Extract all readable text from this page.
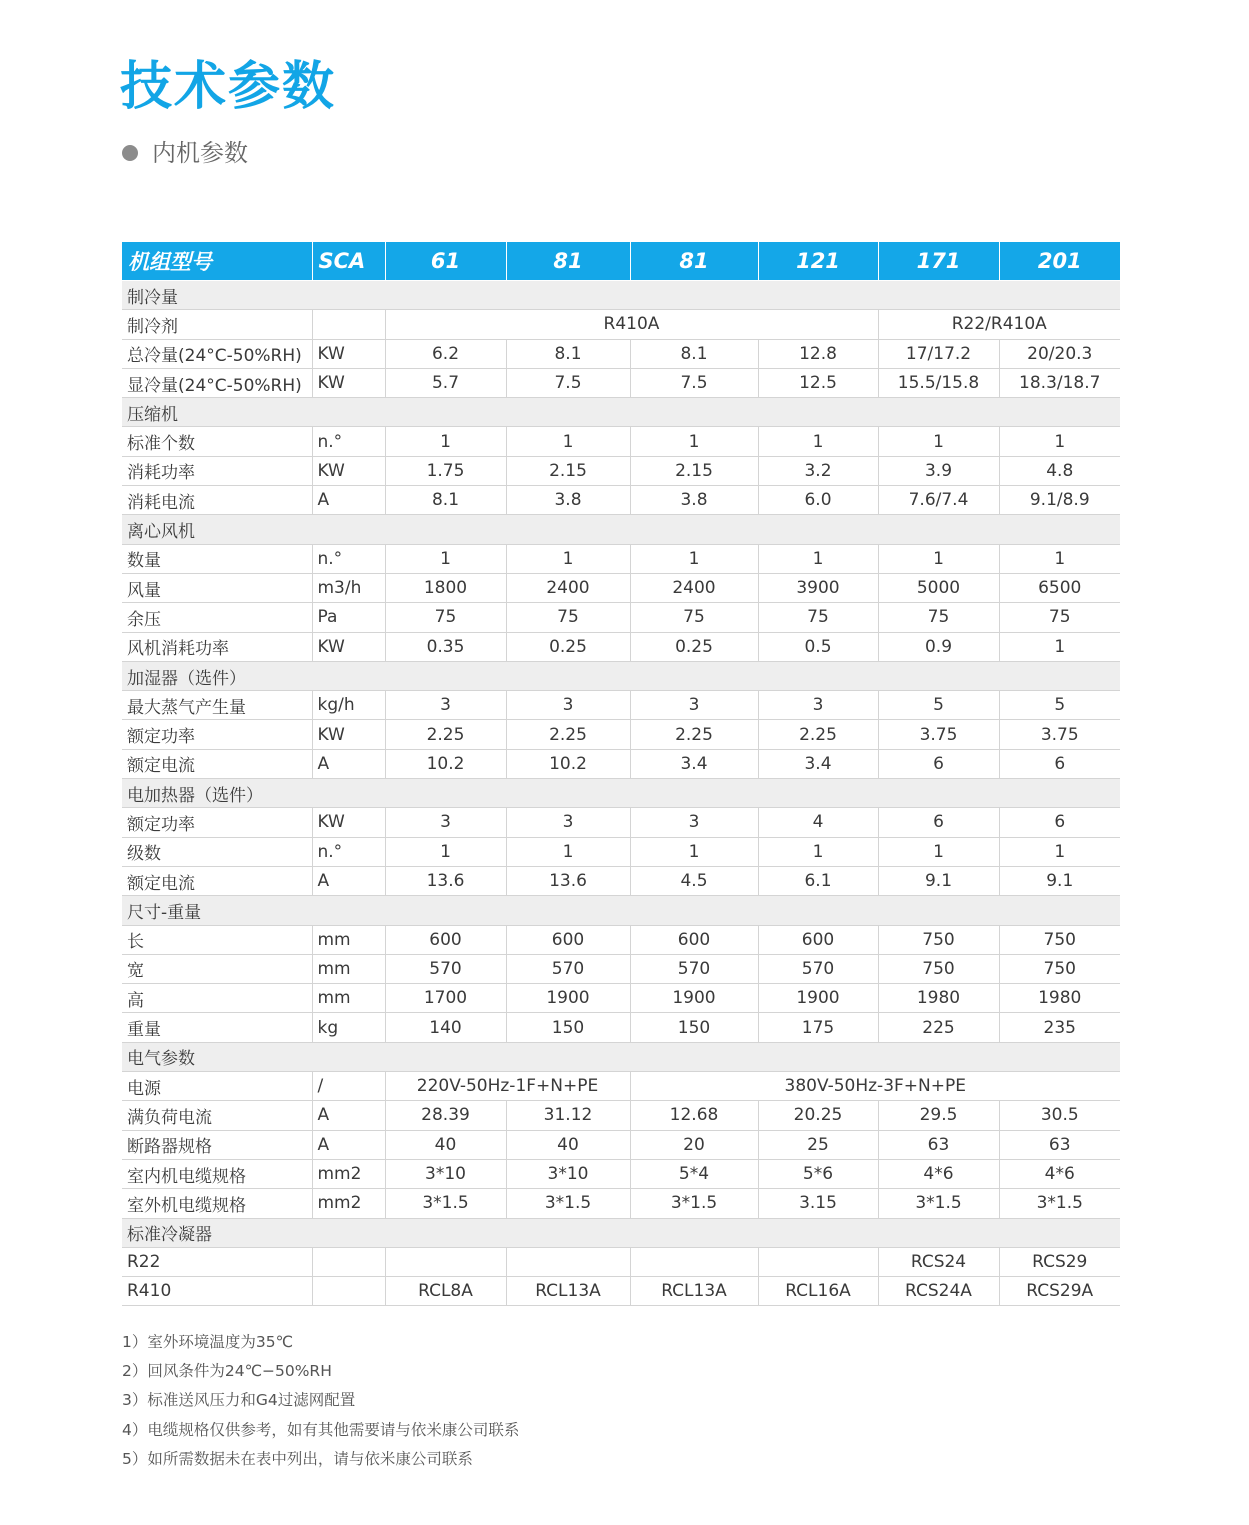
技术参数
内机参数
机组型号	SCA	61	81	81	121	171	201
制冷量							
制冷剂		R410A				R22/R410A	
总冷量(24°C-50%RH)	KW	6.2	8.1	8.1	12.8	17/17.2	20/20.3
显冷量(24°C-50%RH)	KW	5.7	7.5	7.5	12.5	15.5/15.8	18.3/18.7
压缩机							
标准个数	n.°	1	1	1	1	1	1
消耗功率	KW	1.75	2.15	2.15	3.2	3.9	4.8
消耗电流	A	8.1	3.8	3.8	6.0	7.6/7.4	9.1/8.9
离心风机							
数量	n.°	1	1	1	1	1	1
风量	m3/h	1800	2400	2400	3900	5000	6500
余压	Pa	75	75	75	75	75	75
风机消耗功率	KW	0.35	0.25	0.25	0.5	0.9	1
加湿器（选件）							
最大蒸气产生量	kg/h	3	3	3	3	5	5
额定功率	KW	2.25	2.25	2.25	2.25	3.75	3.75
额定电流	A	10.2	10.2	3.4	3.4	6	6
电加热器（选件）							
额定功率	KW	3	3	3	4	6	6
级数	n.°	1	1	1	1	1	1
额定电流	A	13.6	13.6	4.5	6.1	9.1	9.1
尺寸-重量							
长	mm	600	600	600	600	750	750
宽	mm	570	570	570	570	750	750
高	mm	1700	1900	1900	1900	1980	1980
重量	kg	140	150	150	175	225	235
电气参数							
电源	/	220V-50Hz-1F+N+PE		380V-50Hz-3F+N+PE			
满负荷电流	A	28.39	31.12	12.68	20.25	29.5	30.5
断路器规格	A	40	40	20	25	63	63
室内机电缆规格	mm2	3*10	3*10	5*4	5*6	4*6	4*6
室外机电缆规格	mm2	3*1.5	3*1.5	3*1.5	3.15	3*1.5	3*1.5
标准冷凝器							
R22						RCS24	RCS29
R410		RCL8A	RCL13A	RCL13A	RCL16A	RCS24A	RCS29A
1）室外环境温度为35℃
2）回风条件为24℃−50%RH
3）标准送风压力和G4过滤网配置
4）电缆规格仅供参考，如有其他需要请与依米康公司联系
5）如所需数据未在表中列出，请与依米康公司联系
